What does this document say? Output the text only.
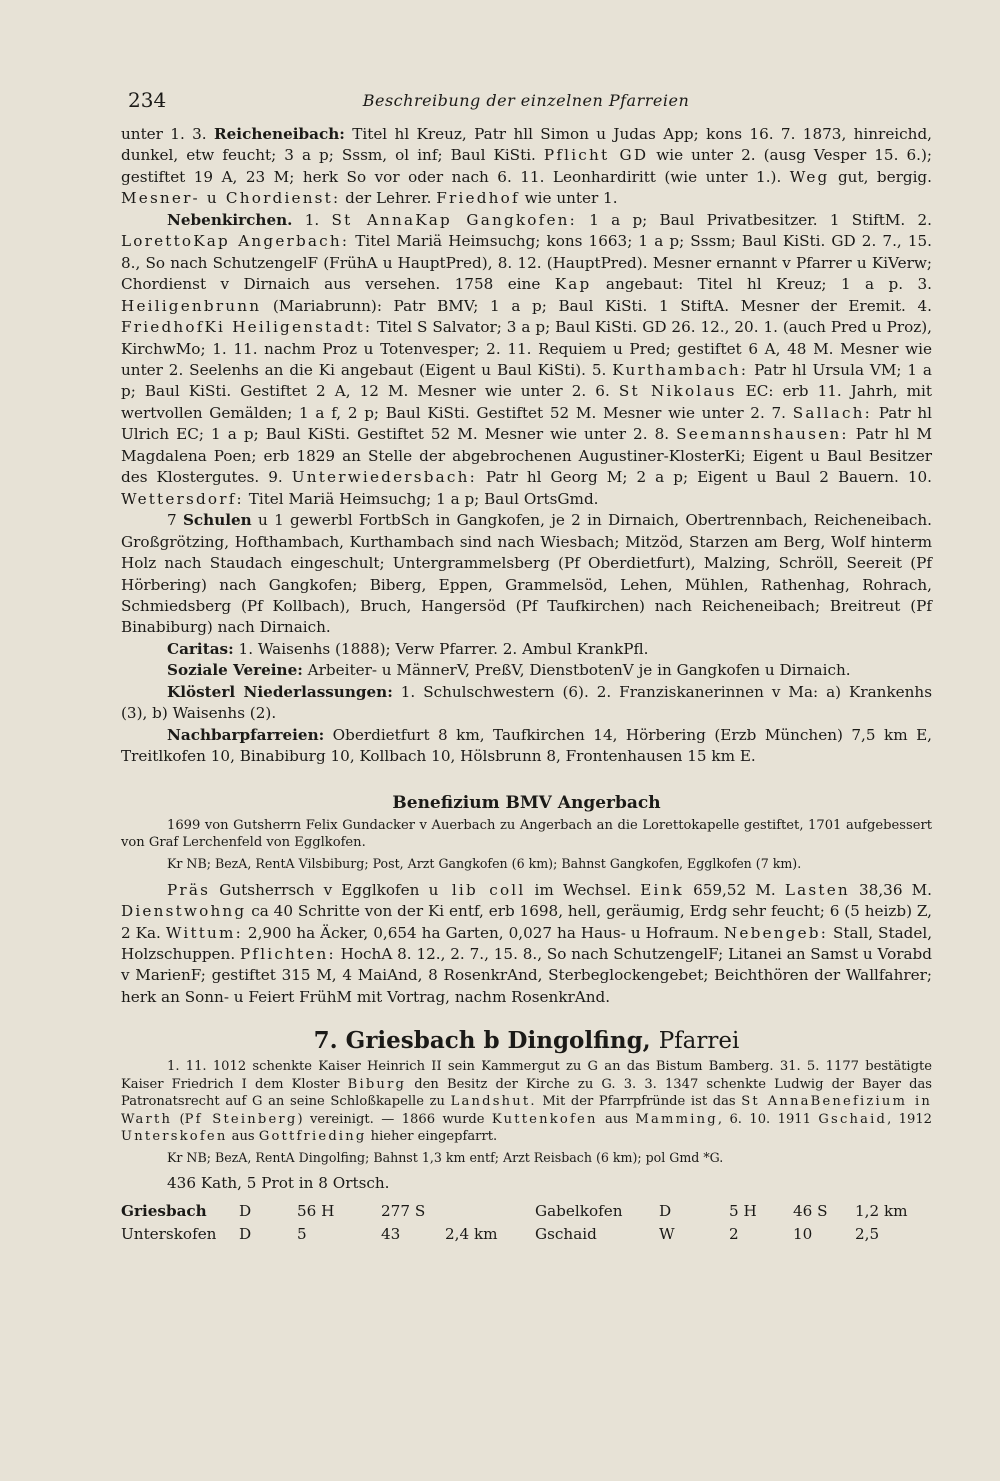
234	Beschreibung der einzelnen Pfarreien

unter 1. 3. Reicheneibach: Titel hl Kreuz, Patr hll Simon u Judas App; kons 16. 7. 1873, hinreichd, dunkel, etw feucht; 3 a p; Sssm, ol inf; Baul KiSti. Pflicht GD wie unter 2. (ausg Vesper 15. 6.); gestiftet 19 A, 23 M; herk So vor oder nach 6. 11. Leonhardiritt (wie unter 1.). Weg gut, bergig. Mesner- u Chordienst: der Lehrer. Friedhof wie unter 1.

Nebenkirchen. 1. St AnnaKap Gangkofen: 1 a p; Baul Privatbesitzer. 1 StiftM. 2. LorettoKap Angerbach: Titel Mariä Heimsuchg; kons 1663; 1 a p; Sssm; Baul KiSti. GD 2. 7., 15. 8., So nach SchutzengelF (FrühA u HauptPred), 8. 12. (HauptPred). Mesner ernannt v Pfarrer u KiVerw; Chordienst v Dirnaich aus versehen. 1758 eine Kap angebaut: Titel hl Kreuz; 1 a p. 3. Heiligenbrunn (Mariabrunn): Patr BMV; 1 a p; Baul KiSti. 1 StiftA. Mesner der Eremit. 4. FriedhofKi Heiligenstadt: Titel S Salvator; 3 a p; Baul KiSti. GD 26. 12., 20. 1. (auch Pred u Proz), KirchwMo; 1. 11. nachm Proz u Totenvesper; 2. 11. Requiem u Pred; gestiftet 6 A, 48 M. Mesner wie unter 2. Seelenhs an die Ki angebaut (Eigent u Baul KiSti). 5. Kurthambach: Patr hl Ursula VM; 1 a p; Baul KiSti. Gestiftet 2 A, 12 M. Mesner wie unter 2. 6. St Nikolaus EC: erb 11. Jahrh, mit wertvollen Gemälden; 1 a f, 2 p; Baul KiSti. Gestiftet 52 M. Mesner wie unter 2. 7. Sallach: Patr hl Ulrich EC; 1 a p; Baul KiSti. Gestiftet 52 M. Mesner wie unter 2. 8. Seemannshausen: Patr hl M Magdalena Poen; erb 1829 an Stelle der abgebrochenen Augustiner-KlosterKi; Eigent u Baul Besitzer des Klostergutes. 9. Unterwiedersbach: Patr hl Georg M; 2 a p; Eigent u Baul 2 Bauern. 10. Wettersdorf: Titel Mariä Heimsuchg; 1 a p; Baul OrtsGmd.

7 Schulen u 1 gewerbl FortbSch in Gangkofen, je 2 in Dirnaich, Obertrennbach, Reicheneibach. Großgrötzing, Hofthambach, Kurthambach sind nach Wiesbach; Mitzöd, Starzen am Berg, Wolf hinterm Holz nach Staudach eingeschult; Untergrammelsberg (Pf Oberdietfurt), Malzing, Schröll, Seereit (Pf Hörbering) nach Gangkofen; Biberg, Eppen, Grammelsöd, Lehen, Mühlen, Rathenhag, Rohrach, Schmiedsberg (Pf Kollbach), Bruch, Hangersöd (Pf Taufkirchen) nach Reicheneibach; Breitreut (Pf Binabiburg) nach Dirnaich.

Caritas: 1. Waisenhs (1888); Verw Pfarrer. 2. Ambul KrankPfl.

Soziale Vereine: Arbeiter- u MännerV, PreßV, DienstbotenV je in Gangkofen u Dirnaich.

Klösterl Niederlassungen: 1. Schulschwestern (6). 2. Franziskanerinnen v Ma: a) Krankenhs (3), b) Waisenhs (2).

Nachbarpfarreien: Oberdietfurt 8 km, Taufkirchen 14, Hörbering (Erzb München) 7,5 km E, Treitlkofen 10, Binabiburg 10, Kollbach 10, Hölsbrunn 8, Frontenhausen 15 km E.

Benefizium BMV Angerbach

1699 von Gutsherrn Felix Gundacker v Auerbach zu Angerbach an die Lorettokapelle gestiftet, 1701 aufgebessert von Graf Lerchenfeld von Egglkofen.

Kr NB; BezA, RentA Vilsbiburg; Post, Arzt Gangkofen (6 km); Bahnst Gangkofen, Egglkofen (7 km).

Präs Gutsherrsch v Egglkofen u lib coll im Wechsel. Eink 659,52 M. Lasten 38,36 M. Dienstwohng ca 40 Schritte von der Ki entf, erb 1698, hell, geräumig, Erdg sehr feucht; 6 (5 heizb) Z, 2 Ka. Wittum: 2,900 ha Äcker, 0,654 ha Garten, 0,027 ha Haus- u Hofraum. Nebengeb: Stall, Stadel, Holzschuppen. Pflichten: HochA 8. 12., 2. 7., 15. 8., So nach SchutzengelF; Litanei an Samst u Vorabd v MarienF; gestiftet 315 M, 4 MaiAnd, 8 RosenkrAnd, Sterbeglockengebet; Beichthören der Wallfahrer; herk an Sonn- u Feiert FrühM mit Vortrag, nachm RosenkrAnd.

7. Griesbach b Dingolfing, Pfarrei

1. 11. 1012 schenkte Kaiser Heinrich II sein Kammergut zu G an das Bistum Bamberg. 31. 5. 1177 bestätigte Kaiser Friedrich I dem Kloster Biburg den Besitz der Kirche zu G. 3. 3. 1347 schenkte Ludwig der Bayer das Patronatsrecht auf G an seine Schloßkapelle zu Landshut. Mit der Pfarrpfründe ist das St AnnaBenefizium in Warth (Pf Steinberg) vereinigt. — 1866 wurde Kuttenkofen aus Mamming, 6. 10. 1911 Gschaid, 1912 Unterskofen aus Gottfrieding hieher eingepfarrt.

Kr NB; BezA, RentA Dingolfing; Bahnst 1,3 km entf; Arzt Reisbach (6 km); pol Gmd *G.

436 Kath, 5 Prot in 8 Ortsch.

Griesbach	D	56 H	277 S		Gabelkofen	D	5 H	46 S	1,2 km
Unterskofen	D	5	43	2,4 km	Gschaid	W	2	10	2,5
